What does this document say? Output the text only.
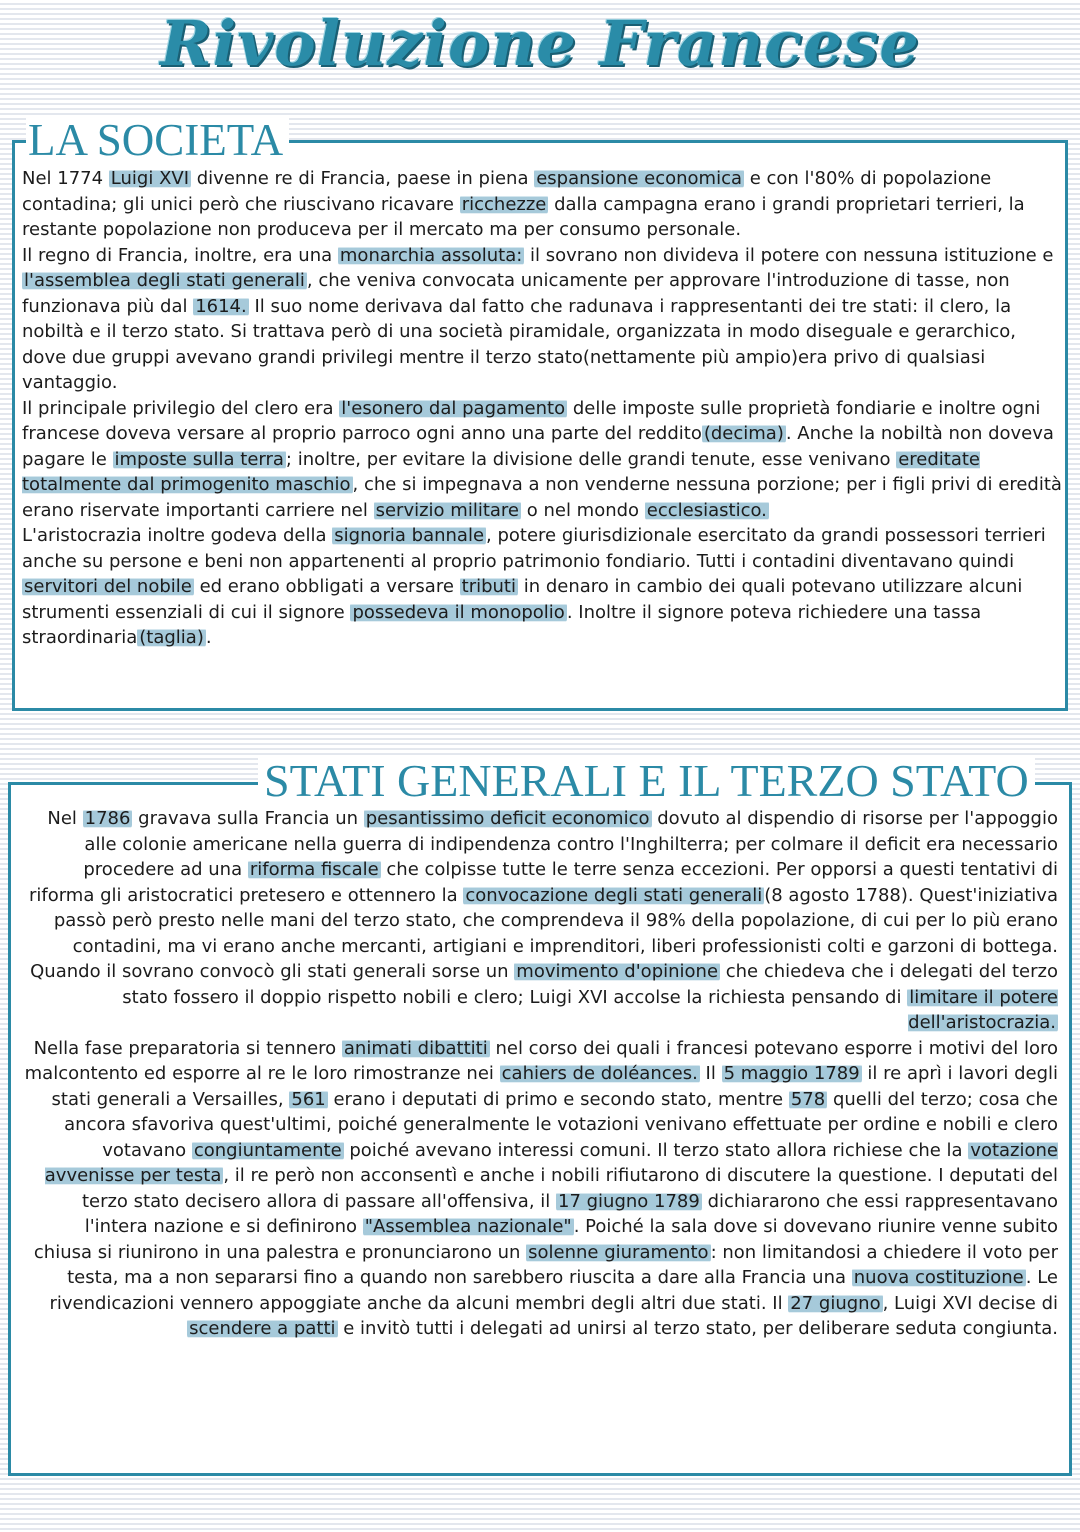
Rivoluzione Francese
LA SOCIETA

Nel 1774 Luigi XVI divenne re di Francia, paese in piena espansione economica e con l'80% di popolazione contadina; gli unici però che riuscivano ricavare ricchezze dalla campagna erano i grandi proprietari terrieri, la restante popolazione non produceva per il mercato ma per consumo personale.

Il regno di Francia, inoltre, era una monarchia assoluta: il sovrano non divideva il potere con nessuna istituzione e l'assemblea degli stati generali , che veniva convocata unicamente per approvare l'introduzione di tasse, non funzionava più dal 1614. Il suo nome derivava dal fatto che radunava i rappresentanti dei tre stati: il clero, la nobiltà e il terzo stato. Si trattava però di una società piramidale, organizzata in modo diseguale e gerarchico, dove due gruppi avevano grandi privilegi mentre il terzo stato(nettamente più ampio)era privo di qualsiasi vantaggio.

Il principale privilegio del clero era l'esonero dal pagamento delle imposte sulle proprietà fondiarie e inoltre ogni francese doveva versare al proprio parroco ogni anno una parte del reddito (decima) . Anche la nobiltà non doveva pagare le imposte sulla terra ; inoltre, per evitare la divisione delle grandi tenute, esse venivano ereditate totalmente dal primogenito maschio , che si impegnava a non venderne nessuna porzione; per i figli privi di eredità erano riservate importanti carriere nel servizio militare o nel mondo ecclesiastico.

L'aristocrazia inoltre godeva della signoria bannale , potere giurisdizionale esercitato da grandi possessori terrieri anche su persone e beni non appartenenti al proprio patrimonio fondiario. Tutti i contadini diventavano quindi servitori del nobile ed erano obbligati a versare tributi in denaro in cambio dei quali potevano utilizzare alcuni strumenti essenziali di cui il signore possedeva il monopolio . Inoltre il signore poteva richiedere una tassa straordinaria (taglia) .

STATI GENERALI E IL TERZO STATO

Nel 1786 gravava sulla Francia un pesantissimo deficit economico dovuto al dispendio di risorse per l'appoggio alle colonie americane nella guerra di indipendenza contro l'Inghilterra; per colmare il deficit era necessario procedere ad una riforma fiscale che colpisse tutte le terre senza eccezioni. Per opporsi a questi tentativi di riforma gli aristocratici pretesero e ottennero la convocazione degli stati generali (8 agosto 1788). Quest'iniziativa passò però presto nelle mani del terzo stato, che comprendeva il 98% della popolazione, di cui per lo più erano contadini, ma vi erano anche mercanti, artigiani e imprenditori, liberi professionisti colti e garzoni di bottega.

Quando il sovrano convocò gli stati generali sorse un movimento d'opinione che chiedeva che i delegati del terzo stato fossero il doppio rispetto nobili e clero; Luigi XVI accolse la richiesta pensando di limitare il potere dell'aristocrazia.

Nella fase preparatoria si tennero animati dibattiti nel corso dei quali i francesi potevano esporre i motivi del loro malcontento ed esporre al re le loro rimostranze nei cahiers de doléances. Il 5 maggio 1789 il re aprì i lavori degli stati generali a Versailles, 561 erano i deputati di primo e secondo stato, mentre 578 quelli del terzo; cosa che ancora sfavoriva quest'ultimi, poiché generalmente le votazioni venivano effettuate per ordine e nobili e clero votavano congiuntamente poiché avevano interessi comuni. Il terzo stato allora richiese che la votazione avvenisse per testa , il re però non acconsentì e anche i nobili rifiutarono di discutere la questione. I deputati del terzo stato decisero allora di passare all'offensiva, il 17 giugno 1789 dichiararono che essi rappresentavano l'intera nazione e si definirono "Assemblea nazionale" . Poiché la sala dove si dovevano riunire venne subito chiusa si riunirono in una palestra e pronunciarono un solenne giuramento : non limitandosi a chiedere il voto per testa, ma a non separarsi fino a quando non sarebbero riuscita a dare alla Francia una nuova costituzione . Le rivendicazioni vennero appoggiate anche da alcuni membri degli altri due stati. Il 27 giugno , Luigi XVI decise di scendere a patti e invitò tutti i delegati ad unirsi al terzo stato, per deliberare seduta congiunta.
